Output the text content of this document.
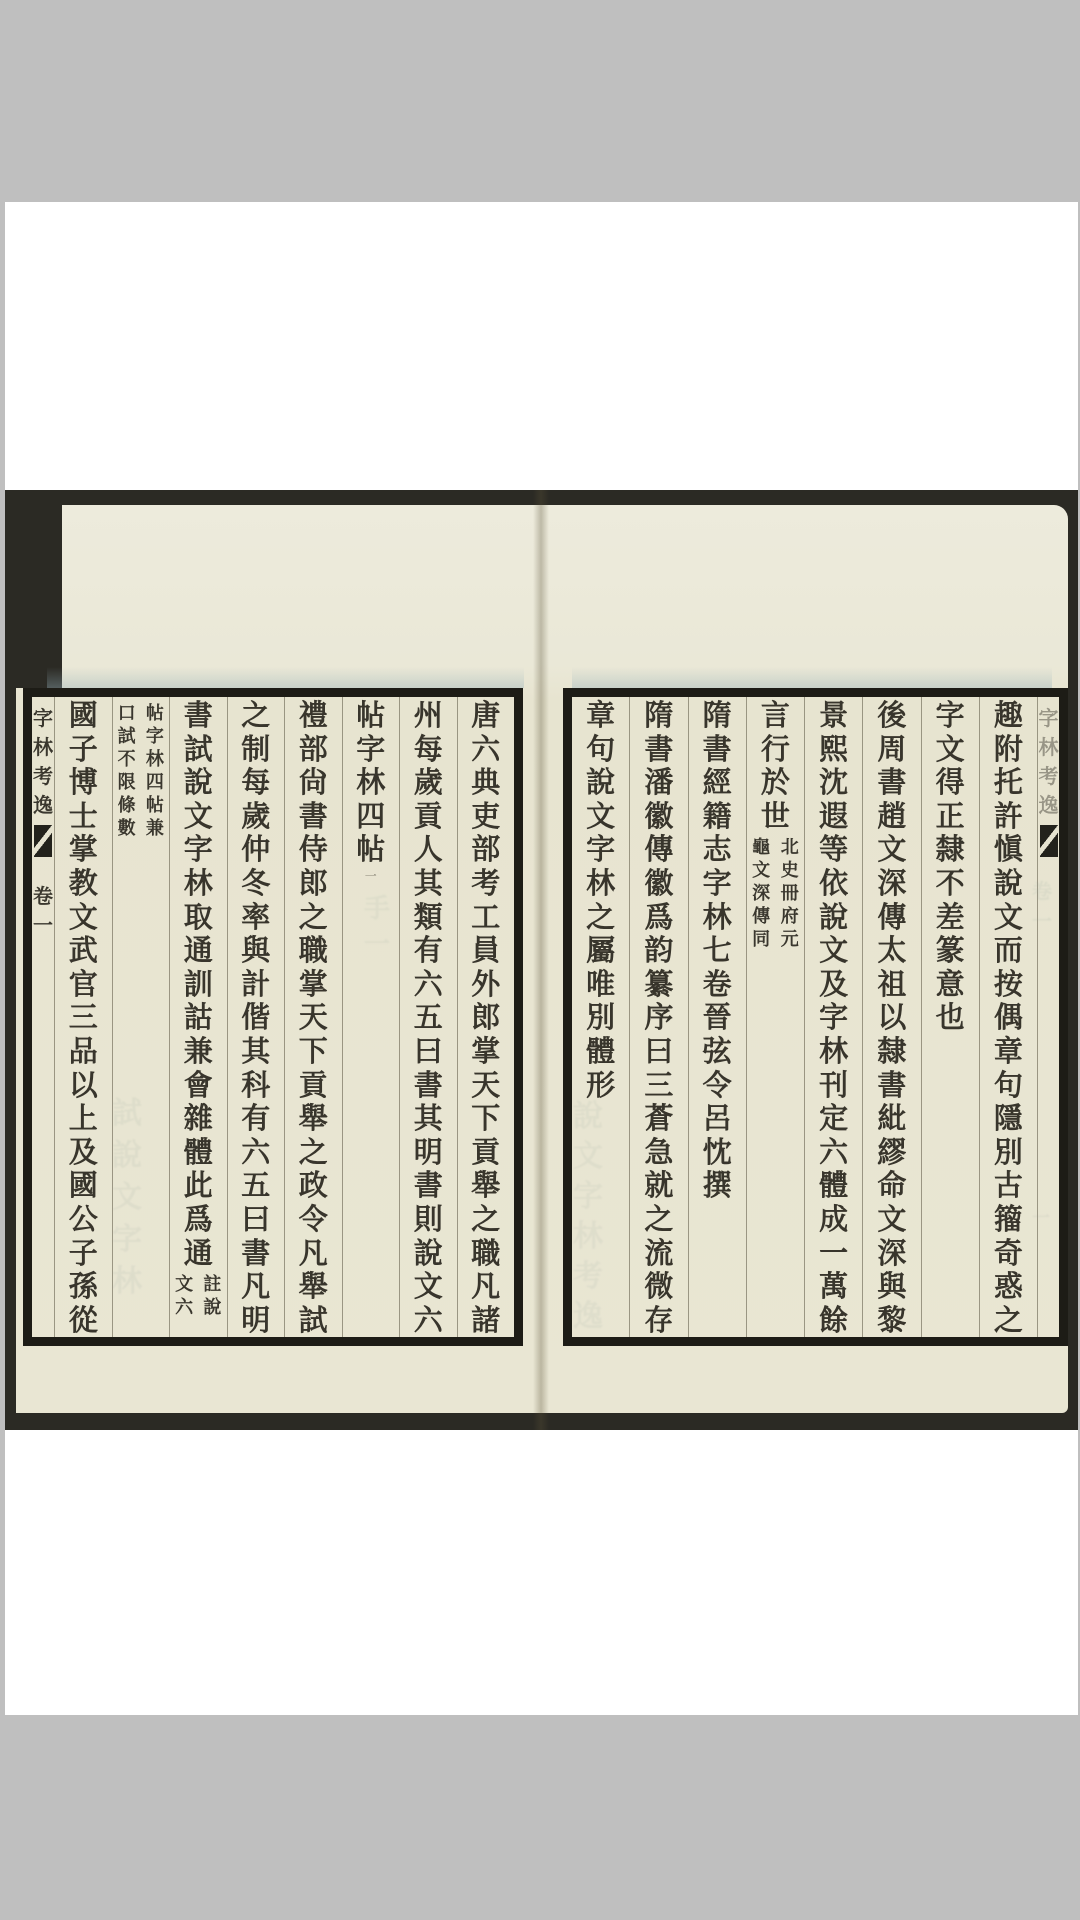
唐
六
典
吏
部
考
工
員
外
郎
掌
天
下
貢
舉
之
職
凡
諸
州
每
歲
貢
人
其
類
有
六
五
曰
書
其
明
書
則
說
文
六
帖
字
林
四
帖
一
禮
部
尙
書
侍
郎
之
職
掌
天
下
貢
舉
之
政
令
凡
舉
試
之
制
每
歲
仲
冬
率
與
計
偕
其
科
有
六
五
曰
書
凡
明
書
試
說
文
字
林
取
通
訓
詁
兼
會
雜
體
此
爲
通
註
說
文
六
帖
字
林
四
帖
兼
口
試
不
限
條
數
國
子
博
士
掌
教
文
武
官
三
品
以
上
及
國
公
子
孫
從
字
林
考
逸
卷
一
手
一
試
說
文
字
林
字
林
考
逸
趣
附
托
許
愼
說
文
而
按
偶
章
句
隱
別
古
籀
奇
惑
之
字
文
得
正
隸
不
差
篆
意
也
後
周
書
趙
文
深
傳
太
祖
以
隸
書
紕
繆
命
文
深
與
黎
景
熙
沈
遐
等
依
說
文
及
字
林
刊
定
六
體
成
一
萬
餘
言
行
於
世
北
史
冊
府
元
龜
文
深
傳
同
隋
書
經
籍
志
字
林
七
卷
晉
弦
令
呂
忱
撰
隋
書
潘
徽
傳
徽
爲
韵
纂
序
曰
三
蒼
急
就
之
流
微
存
章
句
說
文
字
林
之
屬
唯
別
體
形
說
文
字
林
考
逸
卷
一
一
